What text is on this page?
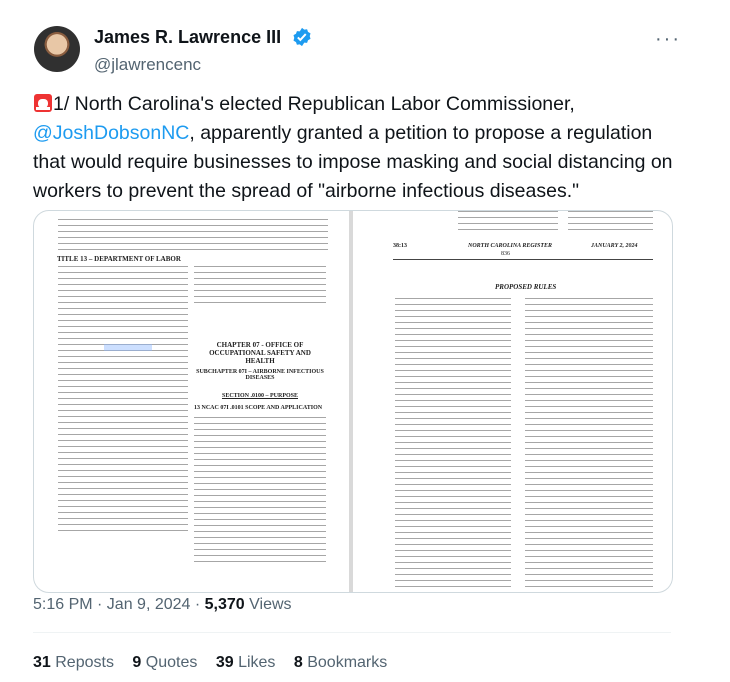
James R. Lawrence III
@jlawrencenc
···
1/ North Carolina's elected Republican Labor Commissioner,
@JoshDobsonNC, apparently granted a petition to propose a regulation that would require businesses to impose masking and social distancing on workers to prevent the spread of "airborne infectious diseases."
TITLE 13 – DEPARTMENT OF LABOR
CHAPTER 07 - OFFICE OF OCCUPATIONAL SAFETY AND HEALTH
SUBCHAPTER 07I – AIRBORNE INFECTIOUS DISEASES
SECTION .0100 – PURPOSE
13 NCAC 07I .0101 SCOPE AND APPLICATION
38:13	NORTH CAROLINA REGISTER	JANUARY 2, 2024
836
PROPOSED RULES
5:16 PM · Jan 9, 2024 · 5,370 Views
31 Reposts 9 Quotes 39 Likes 8 Bookmarks
